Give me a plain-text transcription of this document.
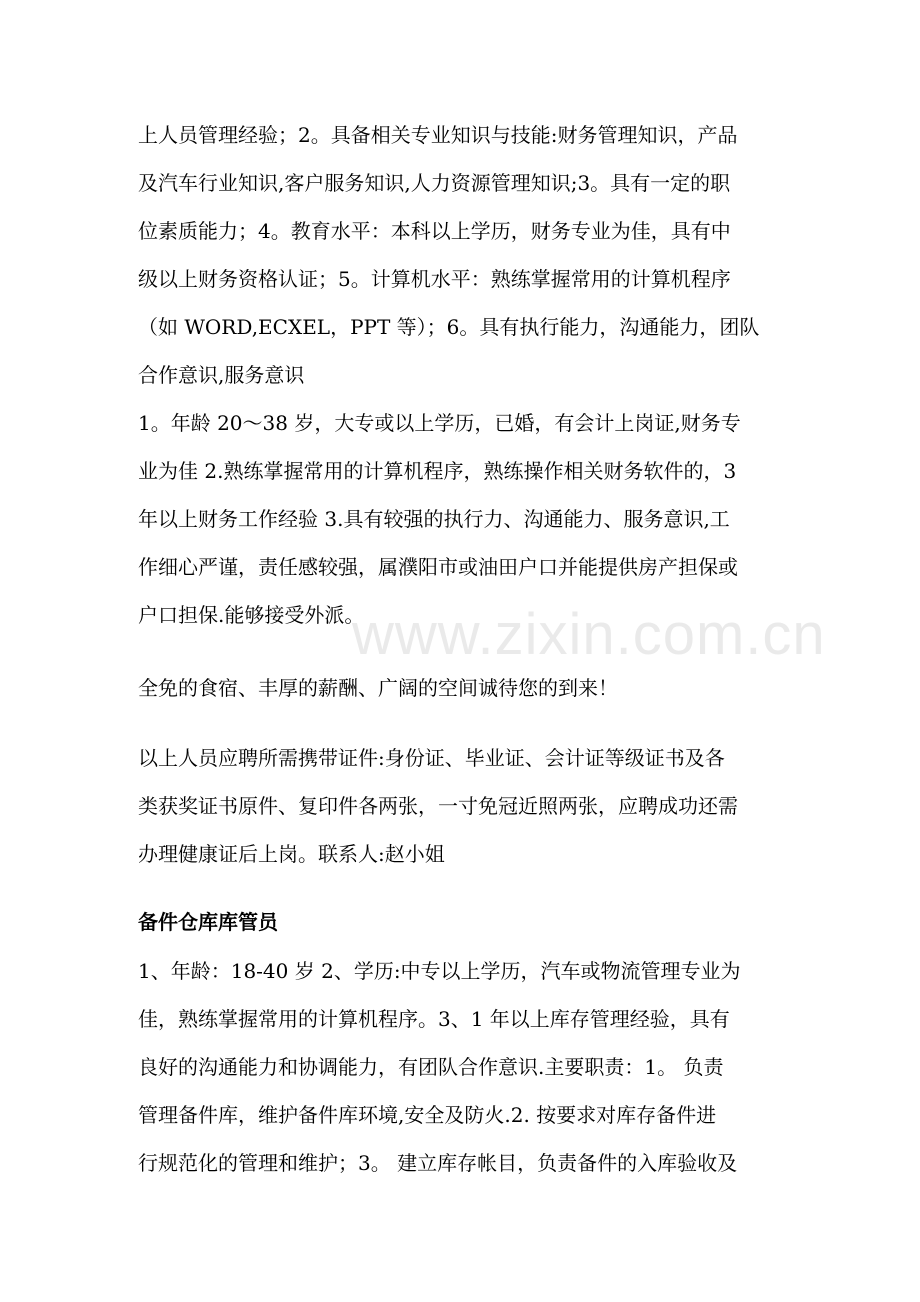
www.zixin.com.cn
上人员管理经验；2。具备相关专业知识与技能:财务管理知识，产品
及汽车行业知识,客户服务知识,人力资源管理知识;3。具有一定的职
位素质能力；4。教育水平：本科以上学历，财务专业为佳，具有中
级以上财务资格认证；5。计算机水平：熟练掌握常用的计算机程序
（如 WORD,ECXEL，PPT 等）；6。具有执行能力，沟通能力，团队
合作意识,服务意识
1。年龄 20～38 岁，大专或以上学历，已婚，有会计上岗证,财务专
业为佳 2.熟练掌握常用的计算机程序，熟练操作相关财务软件的，3
年以上财务工作经验 3.具有较强的执行力、沟通能力、服务意识,工
作细心严谨，责任感较强，属濮阳市或油田户口并能提供房产担保或
户口担保.能够接受外派。
全免的食宿、丰厚的薪酬、广阔的空间诚待您的到来！
以上人员应聘所需携带证件:身份证、毕业证、会计证等级证书及各
类获奖证书原件、复印件各两张，一寸免冠近照两张，应聘成功还需
办理健康证后上岗。联系人:赵小姐
备件仓库库管员
1、年龄：18-40 岁 2、学历:中专以上学历，汽车或物流管理专业为
佳，熟练掌握常用的计算机程序。3、1 年以上库存管理经验，具有
良好的沟通能力和协调能力，有团队合作意识.主要职责：1。 负责
管理备件库，维护备件库环境,安全及防火.2. 按要求对库存备件进
行规范化的管理和维护；3。 建立库存帐目，负责备件的入库验收及
